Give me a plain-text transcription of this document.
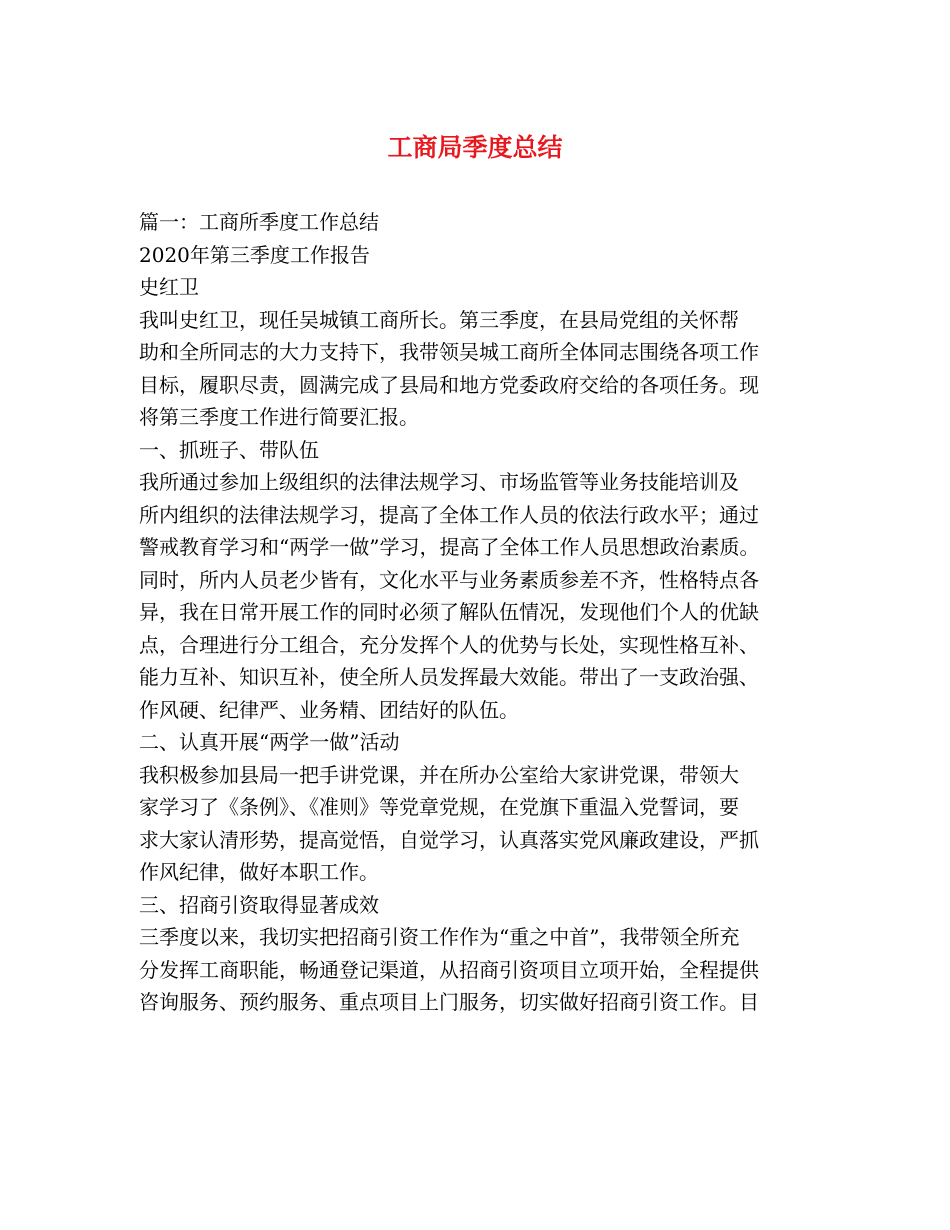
工商局季度总结

篇一：工商所季度工作总结

2020年第三季度工作报告

史红卫

我叫史红卫，现任吴城镇工商所长。第三季度，在县局党组的关怀帮

助和全所同志的大力支持下，我带领吴城工商所全体同志围绕各项工作

目标，履职尽责，圆满完成了县局和地方党委政府交给的各项任务。现

将第三季度工作进行简要汇报。

一、抓班子、带队伍

我所通过参加上级组织的法律法规学习、市场监管等业务技能培训及

所内组织的法律法规学习，提高了全体工作人员的依法行政水平；通过

警戒教育学习和“两学一做”学习，提高了全体工作人员思想政治素质。

同时，所内人员老少皆有，文化水平与业务素质参差不齐，性格特点各

异，我在日常开展工作的同时必须了解队伍情况，发现他们个人的优缺

点，合理进行分工组合，充分发挥个人的优势与长处，实现性格互补、

能力互补、知识互补，使全所人员发挥最大效能。带出了一支政治强、

作风硬、纪律严、业务精、团结好的队伍。

二、认真开展“两学一做”活动

我积极参加县局一把手讲党课，并在所办公室给大家讲党课，带领大

家学习了《条例》、《准则》等党章党规，在党旗下重温入党誓词，要

求大家认清形势，提高觉悟，自觉学习，认真落实党风廉政建设，严抓

作风纪律，做好本职工作。

三、招商引资取得显著成效

三季度以来，我切实把招商引资工作作为“重之中首”，我带领全所充

分发挥工商职能，畅通登记渠道，从招商引资项目立项开始，全程提供

咨询服务、预约服务、重点项目上门服务，切实做好招商引资工作。目
